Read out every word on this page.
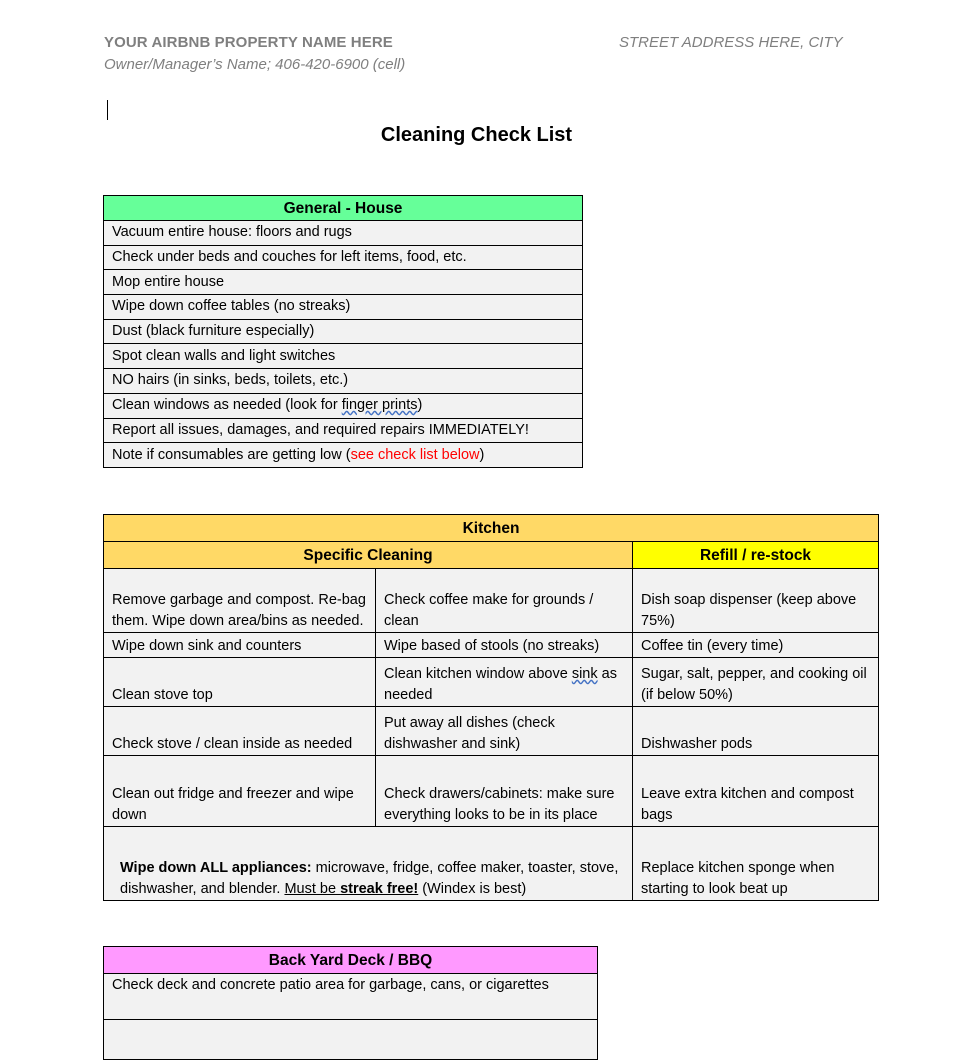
YOUR AIRBNB PROPERTY NAME HERE
Owner/Manager’s Name; 406-420-6900 (cell)
STREET ADDRESS HERE, CITY
Cleaning Check List
General - House
Vacuum entire house: floors and rugs
Check under beds and couches for left items, food, etc.
Mop entire house
Wipe down coffee tables (no streaks)
Dust (black furniture especially)
Spot clean walls and light switches
NO hairs (in sinks, beds, toilets, etc.)
Clean windows as needed (look for finger prints)
Report all issues, damages, and required repairs IMMEDIATELY!
Note if consumables are getting low (see check list below)
Kitchen		
Specific Cleaning		Refill / re-stock
Remove garbage and compost. Re-bag them. Wipe down area/bins as needed.	Check coffee make for grounds / clean	Dish soap dispenser (keep above 75%)
Wipe down sink and counters	Wipe based of stools (no streaks)	Coffee tin (every time)
Clean stove top	Clean kitchen window above sink as needed	Sugar, salt, pepper, and cooking oil (if below 50%)
Check stove / clean inside as needed	Put away all dishes (check dishwasher and sink)	Dishwasher pods
Clean out fridge and freezer and wipe down	Check drawers/cabinets: make sure everything looks to be in its place	Leave extra kitchen and compost bags
Wipe down ALL appliances: microwave, fridge, coffee maker, toaster, stove, dishwasher, and blender. Must be streak free! (Windex is best)		Replace kitchen sponge when starting to look beat up
Back Yard Deck / BBQ
Check deck and concrete patio area for garbage, cans, or cigarettes
